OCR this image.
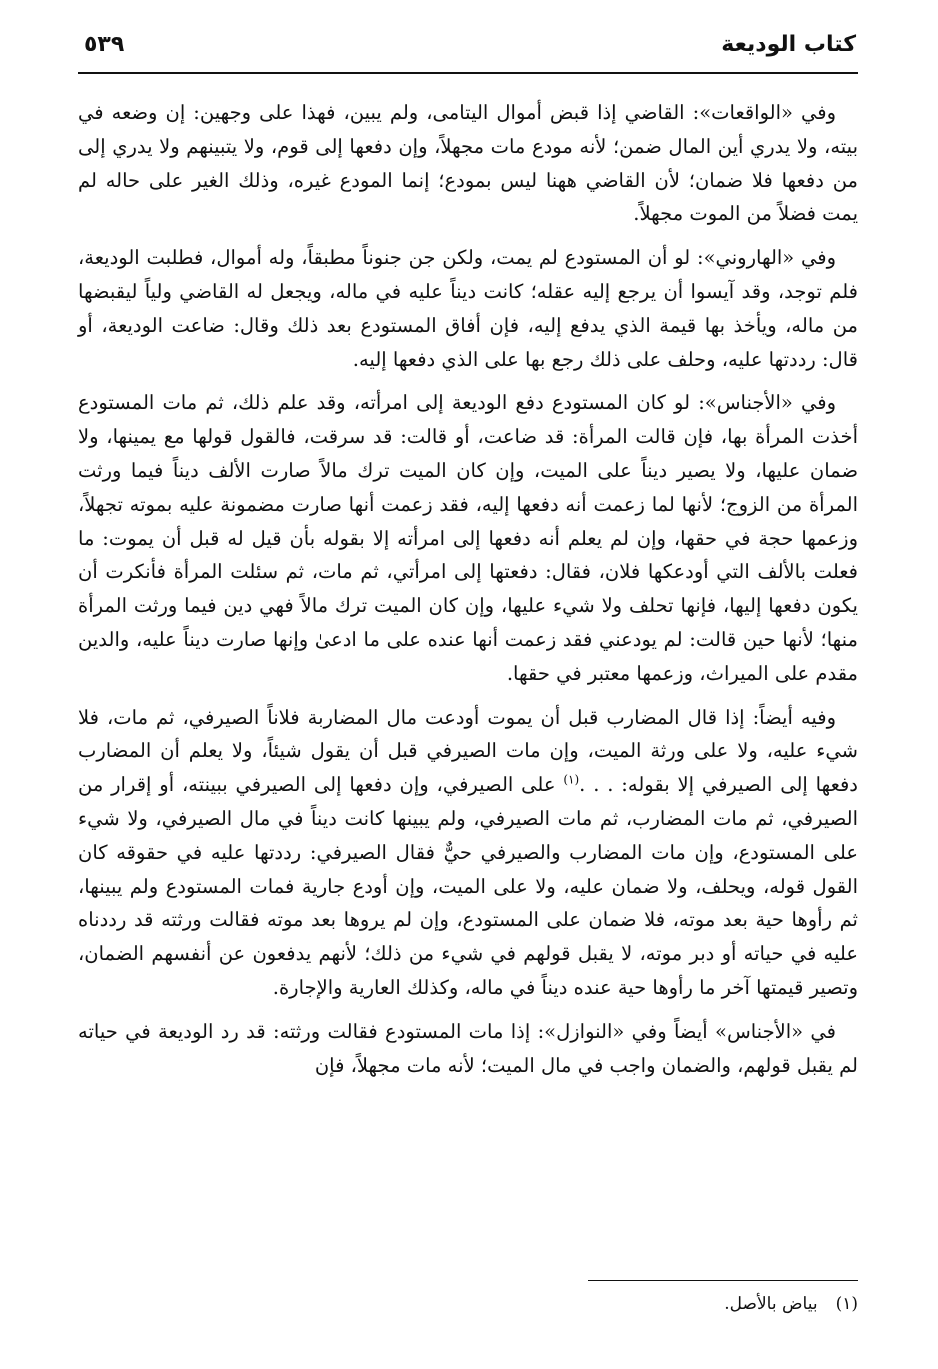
كتاب الوديعة
٥٣٩

وفي «الواقعات»: القاضي إذا قبض أموال اليتامى، ولم يبين، فهذا على وجهين: إن وضعه في بيته، ولا يدري أين المال ضمن؛ لأنه مودع مات مجهلاً، وإن دفعها إلى قوم، ولا يتبينهم ولا يدري إلى من دفعها فلا ضمان؛ لأن القاضي ههنا ليس بمودع؛ إنما المودع غيره، وذلك الغير على حاله لم يمت فضلاً من الموت مجهلاً.

وفي «الهاروني»: لو أن المستودع لم يمت، ولكن جن جنوناً مطبقاً، وله أموال، فطلبت الوديعة، فلم توجد، وقد آيسوا أن يرجع إليه عقله؛ كانت ديناً عليه في ماله، ويجعل له القاضي ولياً ليقبضها من ماله، ويأخذ بها قيمة الذي يدفع إليه، فإن أفاق المستودع بعد ذلك وقال: ضاعت الوديعة، أو قال: رددتها عليه، وحلف على ذلك رجع بها على الذي دفعها إليه.

وفي «الأجناس»: لو كان المستودع دفع الوديعة إلى امرأته، وقد علم ذلك، ثم مات المستودع أخذت المرأة بها، فإن قالت المرأة: قد ضاعت، أو قالت: قد سرقت، فالقول قولها مع يمينها، ولا ضمان عليها، ولا يصير ديناً على الميت، وإن كان الميت ترك مالاً صارت الألف ديناً فيما ورثت المرأة من الزوج؛ لأنها لما زعمت أنه دفعها إليه، فقد زعمت أنها صارت مضمونة عليه بموته تجهلاً، وزعمها حجة في حقها، وإن لم يعلم أنه دفعها إلى امرأته إلا بقوله بأن قيل له قبل أن يموت: ما فعلت بالألف التي أودعكها فلان، فقال: دفعتها إلى امرأتي، ثم مات، ثم سئلت المرأة فأنكرت أن يكون دفعها إليها، فإنها تحلف ولا شيء عليها، وإن كان الميت ترك مالاً فهي دين فيما ورثت المرأة منها؛ لأنها حين قالت: لم يودعني فقد زعمت أنها عنده على ما ادعىٰ وإنها صارت ديناً عليه، والدين مقدم على الميراث، وزعمها معتبر في حقها.

وفيه أيضاً: إذا قال المضارب قبل أن يموت أودعت مال المضاربة فلاناً الصيرفي، ثم مات، فلا شيء عليه، ولا على ورثة الميت، وإن مات الصيرفي قبل أن يقول شيئاً، ولا يعلم أن المضارب دفعها إلى الصيرفي إلا بقوله: . . .$^{(١)}$ على الصيرفي، وإن دفعها إلى الصيرفي ببينته، أو إقرار من الصيرفي، ثم مات المضارب، ثم مات الصيرفي، ولم يبينها كانت ديناً في مال الصيرفي، ولا شيء على المستودع، وإن مات المضارب والصيرفي حيٌّ فقال الصيرفي: رددتها عليه في حقوقه كان القول قوله، ويحلف، ولا ضمان عليه، ولا على الميت، وإن أودع جارية فمات المستودع ولم يبينها، ثم رأوها حية بعد موته، فلا ضمان على المستودع، وإن لم يروها بعد موته فقالت ورثته قد رددناه عليه في حياته أو دبر موته، لا يقبل قولهم في شيء من ذلك؛ لأنهم يدفعون عن أنفسهم الضمان، وتصير قيمتها آخر ما رأوها حية عنده ديناً في ماله، وكذلك العارية والإجارة.

في «الأجناس» أيضاً وفي «النوازل»: إذا مات المستودع فقالت ورثته: قد رد الوديعة في حياته لم يقبل قولهم، والضمان واجب في مال الميت؛ لأنه مات مجهلاً، فإن

(١)بياض بالأصل.
